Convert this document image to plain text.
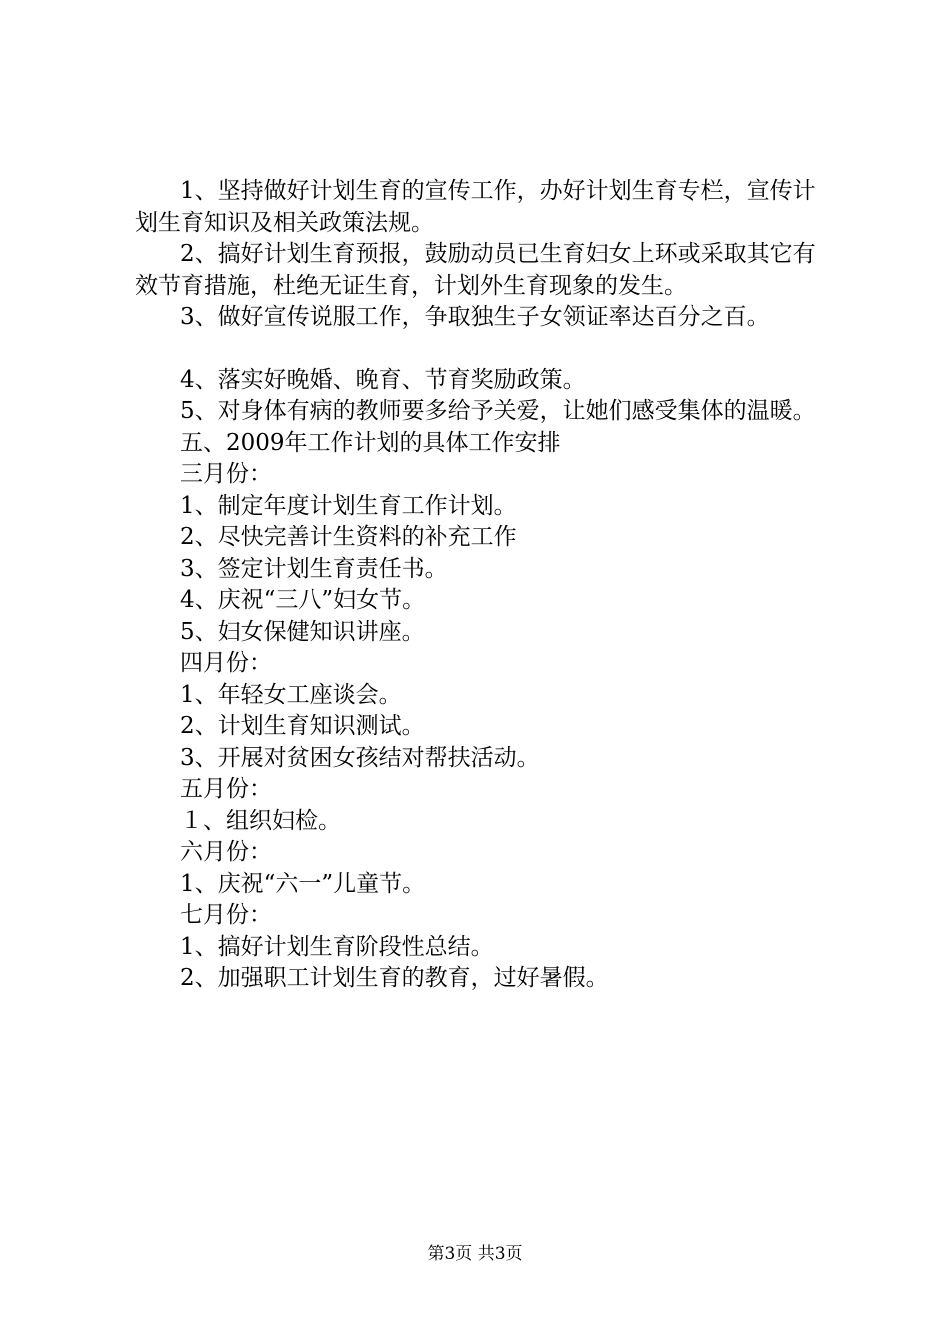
1、坚持做好计划生育的宣传工作，办好计划生育专栏，宣传计划生育知识及相关政策法规。

2、搞好计划生育预报，鼓励动员已生育妇女上环或采取其它有效节育措施，杜绝无证生育，计划外生育现象的发生。

3、做好宣传说服工作，争取独生子女领证率达百分之百。

4、落实好晚婚、晚育、节育奖励政策。

5、对身体有病的教师要多给予关爱，让她们感受集体的温暖。

五、2009年工作计划的具体工作安排

三月份：

1、制定年度计划生育工作计划。

2、尽快完善计生资料的补充工作

3、签定计划生育责任书。

4、庆祝“三八”妇女节。

5、妇女保健知识讲座。

四月份：

1、年轻女工座谈会。

2、计划生育知识测试。

3、开展对贫困女孩结对帮扶活动。

五月份：

１、组织妇检。

六月份：

1、庆祝“六一”儿童节。

七月份：

1、搞好计划生育阶段性总结。

2、加强职工计划生育的教育，过好暑假。

第3页 共3页
